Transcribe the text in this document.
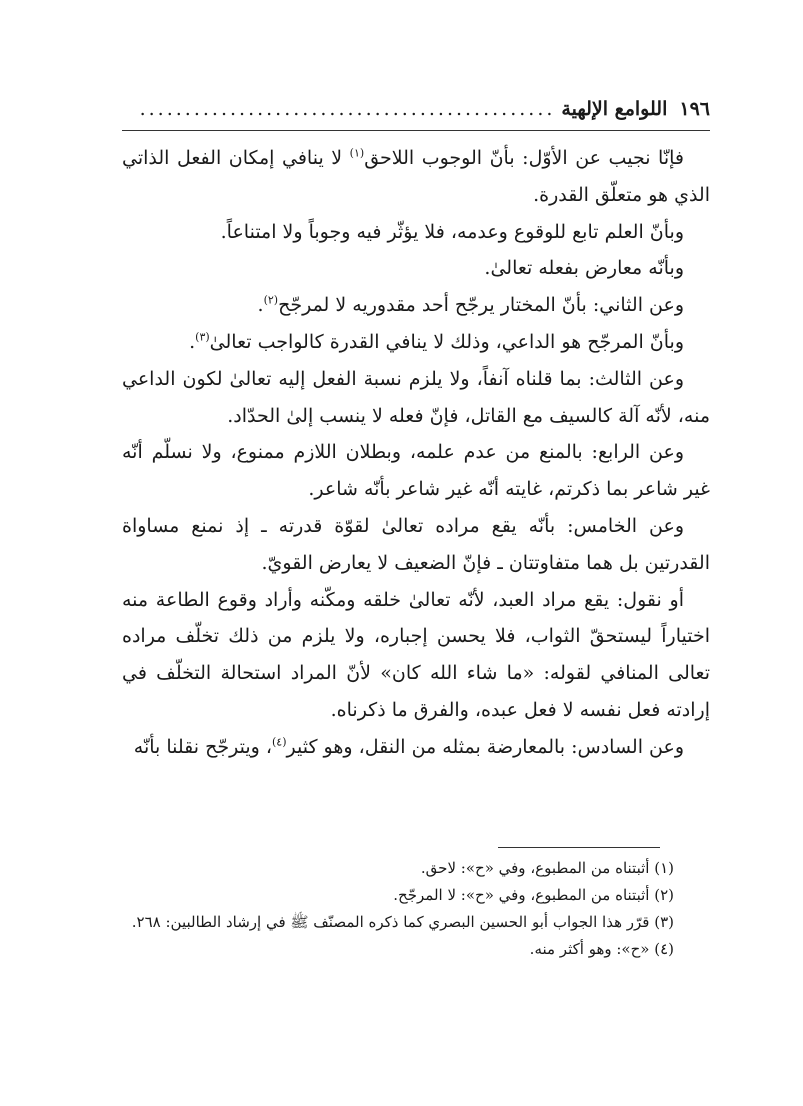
١٩٦
اللوامع الإلهية
..............................................

فإنّا نجيب عن الأوّل: بأنّ الوجوب اللاحق$^{(١)}$ لا ينافي إمكان الفعل الذاتي الذي هو متعلّق القدرة.

وبأنّ العلم تابع للوقوع وعدمه، فلا يؤثّر فيه وجوباً ولا امتناعاً.

وبأنّه معارض بفعله تعالىٰ.

وعن الثاني: بأنّ المختار يرجّح أحد مقدوريه لا لمرجّح$^{(٢)}$.

وبأنّ المرجّح هو الداعي، وذلك لا ينافي القدرة كالواجب تعالىٰ$^{(٣)}$.

وعن الثالث: بما قلناه آنفاً، ولا يلزم نسبة الفعل إليه تعالىٰ لكون الداعي منه، لأنّه آلة كالسيف مع القاتل، فإنّ فعله لا ينسب إلىٰ الحدّاد.

وعن الرابع: بالمنع من عدم علمه، وبطلان اللازم ممنوع، ولا نسلّم أنّه غير شاعر بما ذكرتم، غايته أنّه غير شاعر بأنّه شاعر.

وعن الخامس: بأنّه يقع مراده تعالىٰ لقوّة قدرته ـ إذ نمنع مساواة القدرتين بل هما متفاوتتان ـ فإنّ الضعيف لا يعارض القويّ.

أو نقول: يقع مراد العبد، لأنّه تعالىٰ خلقه ومكّنه وأراد وقوع الطاعة منه اختياراً ليستحقّ الثواب، فلا يحسن إجباره، ولا يلزم من ذلك تخلّف مراده تعالى المنافي لقوله: «ما شاء الله كان» لأنّ المراد استحالة التخلّف في إرادته فعل نفسه لا فعل عبده، والفرق ما ذكرناه.

وعن السادس: بالمعارضة بمثله من النقل، وهو كثير$^{(٤)}$، ويترجّح نقلنا بأنّه

(١) أثبتناه من المطبوع، وفي «ح»: لاحق.

(٢) أثبتناه من المطبوع، وفي «ح»: لا المرجّح.

(٣) قرّر هذا الجواب أبو الحسين البصري كما ذكره المصنّف ﷺ في إرشاد الطالبين: ٢٦٨.

(٤) «ح»: وهو أكثر منه.
